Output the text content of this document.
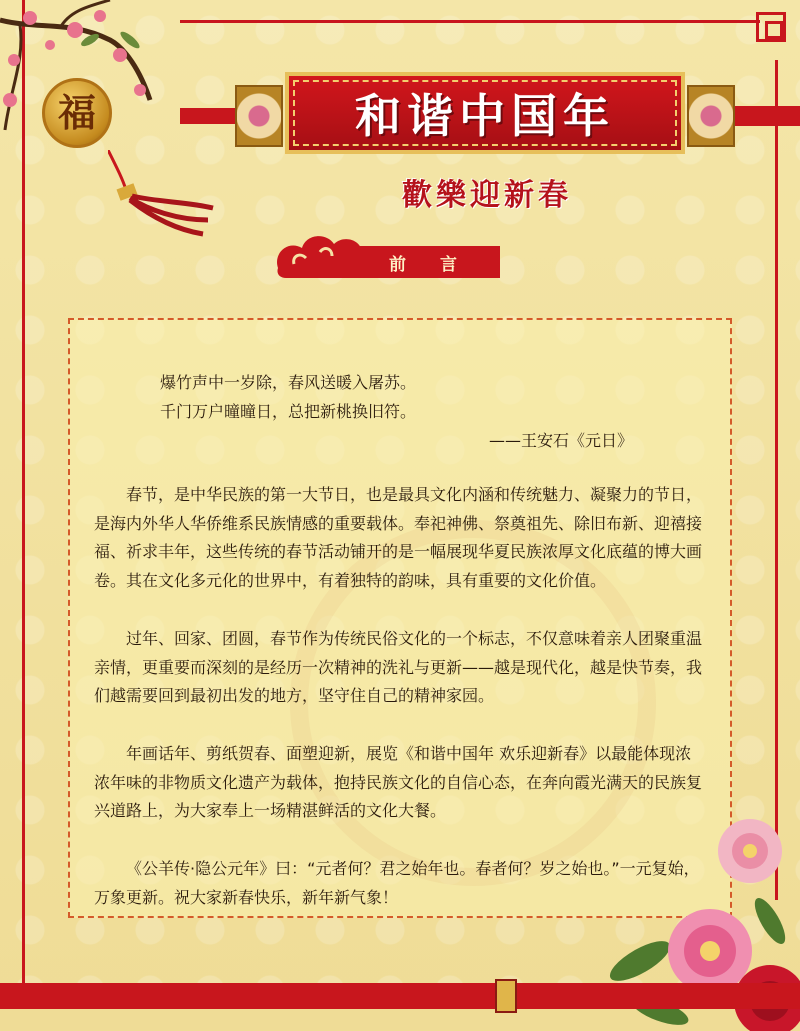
福	和谐中国年
歡樂迎新春
前 言
爆竹声中一岁除，春风送暖入屠苏。
千门万户曈曈日，总把新桃换旧符。
——王安石《元日》

春节，是中华民族的第一大节日，也是最具文化内涵和传统魅力、凝聚力的节日，是海内外华人华侨维系民族情感的重要载体。奉祀神佛、祭奠祖先、除旧布新、迎禧接福、祈求丰年，这些传统的春节活动铺开的是一幅展现华夏民族浓厚文化底蕴的博大画卷。其在文化多元化的世界中，有着独特的韵味，具有重要的文化价值。

过年、回家、团圆，春节作为传统民俗文化的一个标志，不仅意味着亲人团聚重温亲情，更重要而深刻的是经历一次精神的洗礼与更新——越是现代化，越是快节奏，我们越需要回到最初出发的地方，坚守住自己的精神家园。

年画话年、剪纸贺春、面塑迎新，展览《和谐中国年 欢乐迎新春》以最能体现浓浓年味的非物质文化遗产为载体，抱持民族文化的自信心态，在奔向霞光满天的民族复兴道路上，为大家奉上一场精湛鲜活的文化大餐。

《公羊传·隐公元年》曰：“元者何？君之始年也。春者何？岁之始也。”一元复始，万象更新。祝大家新春快乐，新年新气象！
